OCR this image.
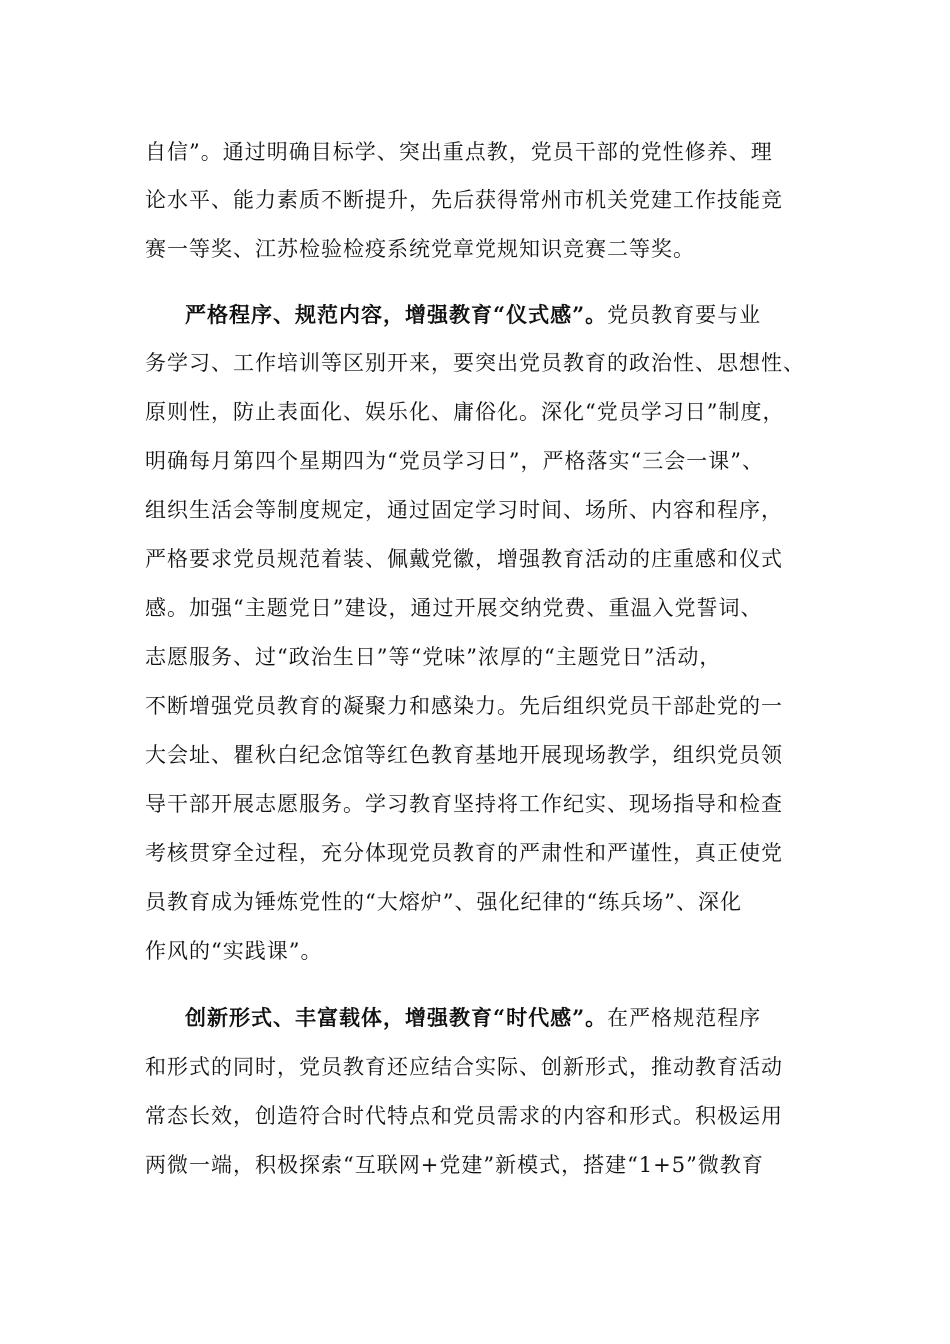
自信”。通过明确目标学、突出重点教，党员干部的党性修养、理
论水平、能力素质不断提升，先后获得常州市机关党建工作技能竞
赛一等奖、江苏检验检疫系统党章党规知识竞赛二等奖。
严格程序、规范内容，增强教育“仪式感”。党员教育要与业
务学习、工作培训等区别开来，要突出党员教育的政治性、思想性、
原则性，防止表面化、娱乐化、庸俗化。深化“党员学习日”制度，
明确每月第四个星期四为“党员学习日”，严格落实“三会一课”、
组织生活会等制度规定，通过固定学习时间、场所、内容和程序，
严格要求党员规范着装、佩戴党徽，增强教育活动的庄重感和仪式
感。加强“主题党日”建设，通过开展交纳党费、重温入党誓词、
志愿服务、过“政治生日”等“党味”浓厚的“主题党日”活动，
不断增强党员教育的凝聚力和感染力。先后组织党员干部赴党的一
大会址、瞿秋白纪念馆等红色教育基地开展现场教学，组织党员领
导干部开展志愿服务。学习教育坚持将工作纪实、现场指导和检查
考核贯穿全过程，充分体现党员教育的严肃性和严谨性，真正使党
员教育成为锤炼党性的“大熔炉”、强化纪律的“练兵场”、深化
作风的“实践课”。
创新形式、丰富载体，增强教育“时代感”。在严格规范程序
和形式的同时，党员教育还应结合实际、创新形式，推动教育活动
常态长效，创造符合时代特点和党员需求的内容和形式。积极运用
两微一端，积极探索“互联网+党建”新模式，搭建“1+5”微教育
